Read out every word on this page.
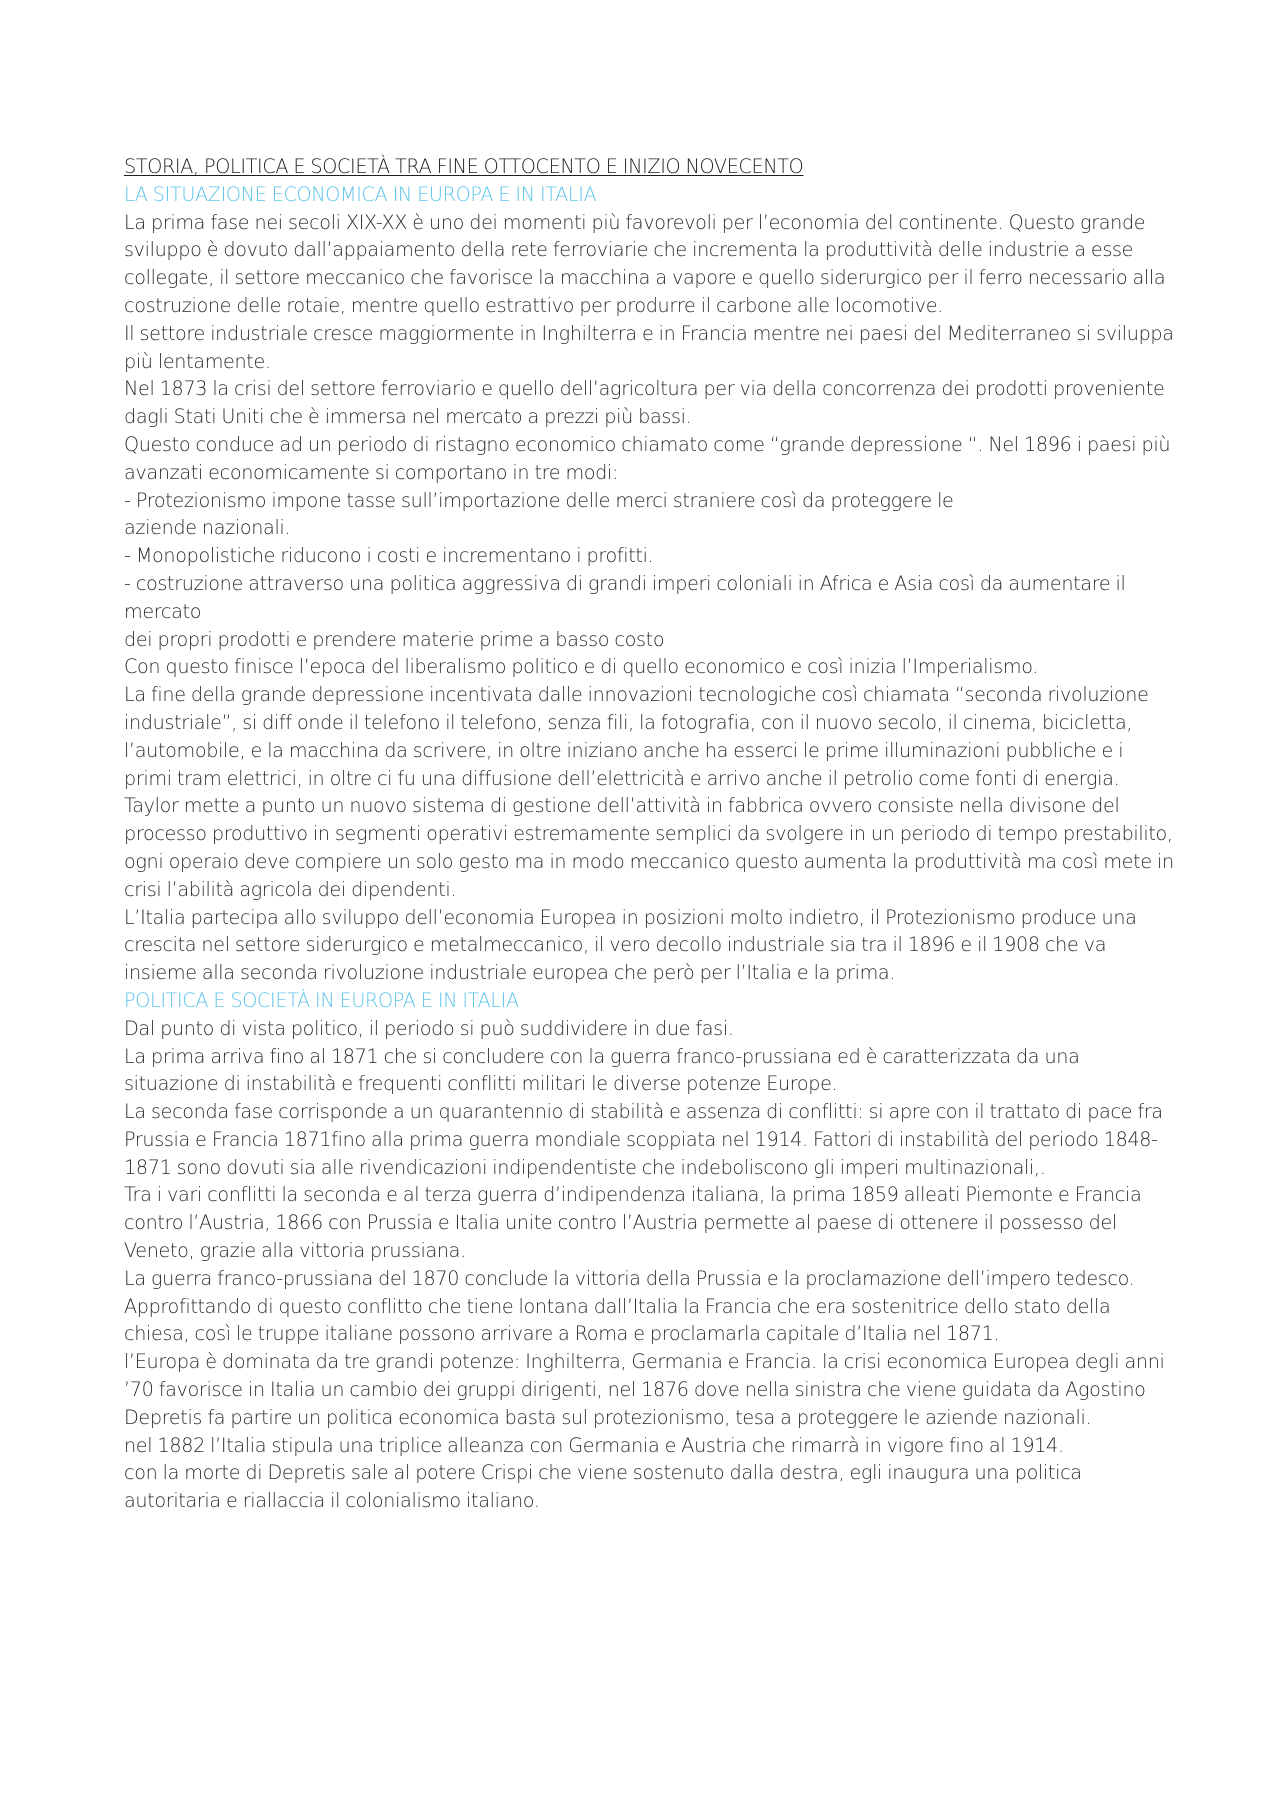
STORIA, POLITICA E SOCIETÀ TRA FINE OTTOCENTO E INIZIO NOVECENTO

LA SITUAZIONE ECONOMICA IN EUROPA E IN ITALIA

La prima fase nei secoli XIX-XX è uno dei momenti più favorevoli per l’economia del continente. Questo grande sviluppo è dovuto dall’appaiamento della rete ferroviarie che incrementa la produttività delle industrie a esse collegate, il settore meccanico che favorisce la macchina a vapore e quello siderurgico per il ferro necessario alla costruzione delle rotaie, mentre quello estrattivo per produrre il carbone alle locomotive.

Il settore industriale cresce maggiormente in Inghilterra e in Francia mentre nei paesi del Mediterraneo si sviluppa più lentamente.

Nel 1873 la crisi del settore ferroviario e quello dell’agricoltura per via della concorrenza dei prodotti proveniente dagli Stati Uniti che è immersa nel mercato a prezzi più bassi.

Questo conduce ad un periodo di ristagno economico chiamato come “grande depressione “. Nel 1896 i paesi più avanzati economicamente si comportano in tre modi:

- Protezionismo impone tasse sull’importazione delle merci straniere così da proteggere le

aziende nazionali.

- Monopolistiche riducono i costi e incrementano i profitti.

- costruzione attraverso una politica aggressiva di grandi imperi coloniali in Africa e Asia così da aumentare il mercato

dei propri prodotti e prendere materie prime a basso costo

Con questo finisce l’epoca del liberalismo politico e di quello economico e così inizia l’Imperialismo.

La fine della grande depressione incentivata dalle innovazioni tecnologiche così chiamata “seconda rivoluzione industriale”, si diff onde il telefono il telefono, senza fili, la fotografia, con il nuovo secolo, il cinema, bicicletta, l’automobile, e la macchina da scrivere, in oltre iniziano anche ha esserci le prime illuminazioni pubbliche e i primi tram elettrici, in oltre ci fu una diffusione dell’elettricità e arrivo anche il petrolio come fonti di energia.

Taylor mette a punto un nuovo sistema di gestione dell’attività in fabbrica ovvero consiste nella divisone del processo produttivo in segmenti operativi estremamente semplici da svolgere in un periodo di tempo prestabilito, ogni operaio deve compiere un solo gesto ma in modo meccanico questo aumenta la produttività ma così mete in crisi l’abilità agricola dei dipendenti.

L’Italia partecipa allo sviluppo dell’economia Europea in posizioni molto indietro, il Protezionismo produce una crescita nel settore siderurgico e metalmeccanico, il vero decollo industriale sia tra il 1896 e il 1908 che va insieme alla seconda rivoluzione industriale europea che però per l’Italia e la prima.

POLITICA E SOCIETÀ IN EUROPA E IN ITALIA

Dal punto di vista politico, il periodo si può suddividere in due fasi.

La prima arriva fino al 1871 che si concludere con la guerra franco-prussiana ed è caratterizzata da una situazione di instabilità e frequenti conflitti militari le diverse potenze Europe.

La seconda fase corrisponde a un quarantennio di stabilità e assenza di conflitti: si apre con il trattato di pace fra Prussia e Francia 1871fino alla prima guerra mondiale scoppiata nel 1914. Fattori di instabilità del periodo 1848-1871 sono dovuti sia alle rivendicazioni indipendentiste che indeboliscono gli imperi multinazionali,.

Tra i vari conflitti la seconda e al terza guerra d’indipendenza italiana, la prima 1859 alleati Piemonte e Francia contro l’Austria, 1866 con Prussia e Italia unite contro l’Austria permette al paese di ottenere il possesso del Veneto, grazie alla vittoria prussiana.

La guerra franco-prussiana del 1870 conclude la vittoria della Prussia e la proclamazione dell’impero tedesco.

Approfittando di questo conflitto che tiene lontana dall’Italia la Francia che era sostenitrice dello stato della chiesa, così le truppe italiane possono arrivare a Roma e proclamarla capitale d’Italia nel 1871.

l’Europa è dominata da tre grandi potenze: Inghilterra, Germania e Francia. la crisi economica Europea degli anni ’70 favorisce in Italia un cambio dei gruppi dirigenti, nel 1876 dove nella sinistra che viene guidata da Agostino Depretis fa partire un politica economica basta sul protezionismo, tesa a proteggere le aziende nazionali.

nel 1882 l’Italia stipula una triplice alleanza con Germania e Austria che rimarrà in vigore fino al 1914.

con la morte di Depretis sale al potere Crispi che viene sostenuto dalla destra, egli inaugura una politica autoritaria e riallaccia il colonialismo italiano.
